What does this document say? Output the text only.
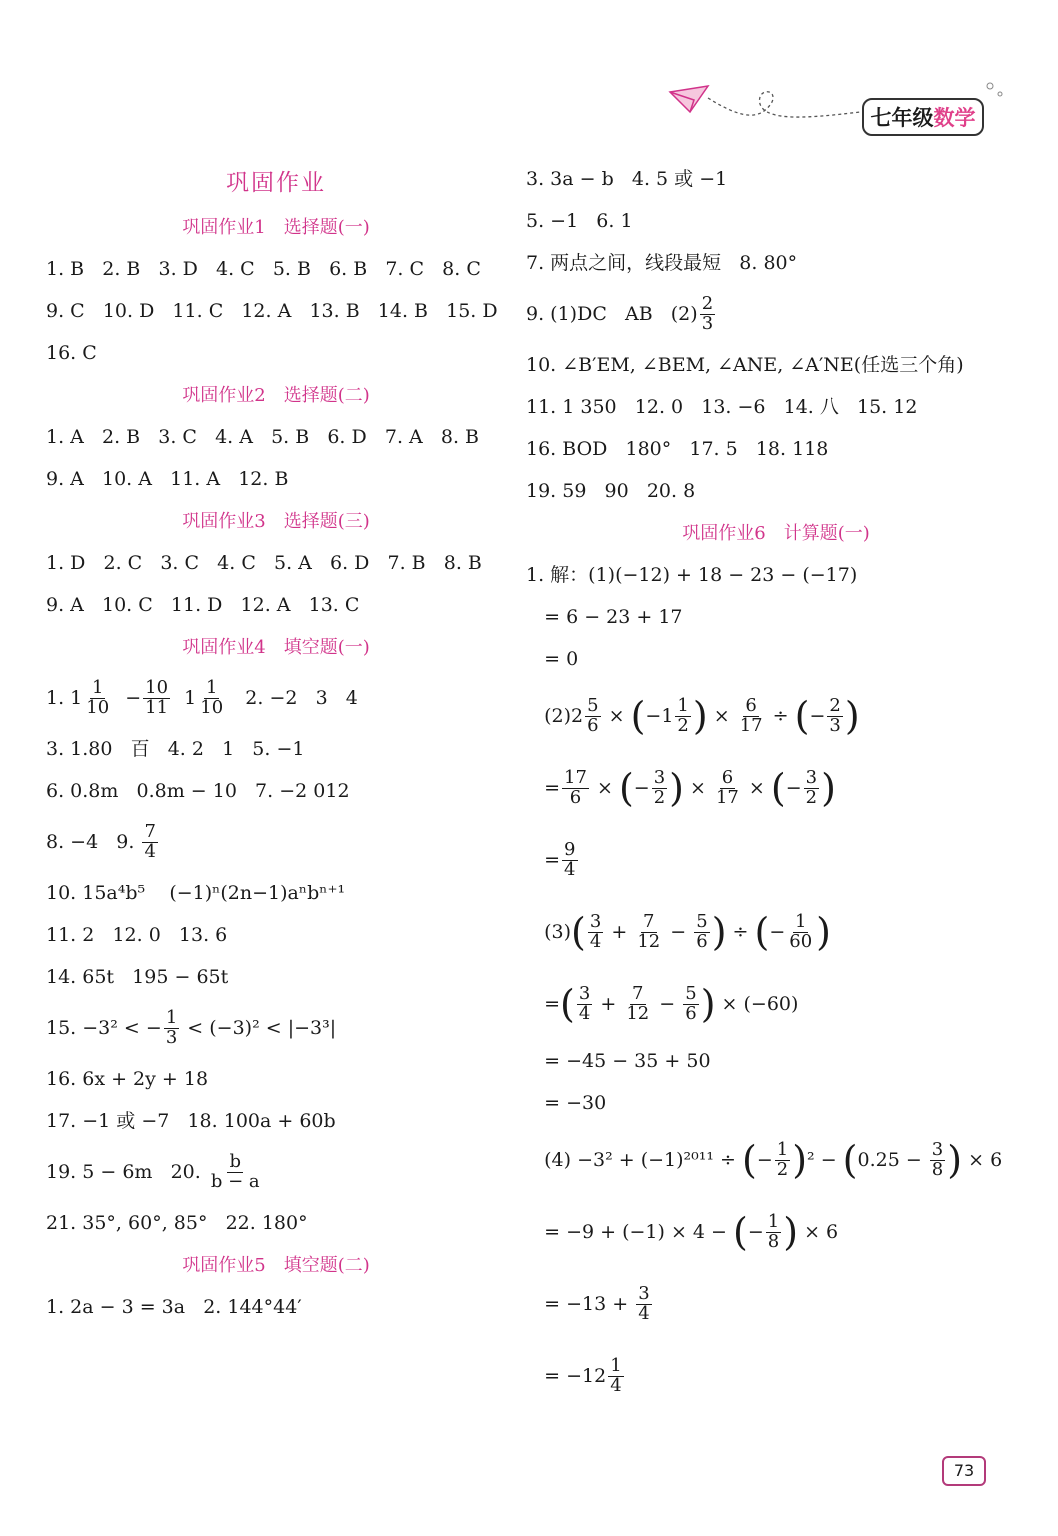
七年级 数学
巩固作业
巩固作业1　选择题(一)
1. B   2. B   3. D   4. C   5. B   6. B   7. C   8. C
9. C   10. D   11. C   12. A   13. B   14. B   15. D
16. C
巩固作业2　选择题(二)
1. A   2. B   3. C   4. A   5. B   6. D   7. A   8. B
9. A   10. A   11. A   12. B
巩固作业3　选择题(三)
1. D   2. C   3. C   4. C   5. A   6. D   7. B   8. B
9. A   10. C   11. D   12. A   13. C
巩固作业4　填空题(一)
1. $1 \frac{1}{10} - \frac{10}{11} 1 \frac{1}{10} 2$. −2   3   4
3. 1.80   百   4. 2   1   5. −1
6. 0.8m   0.8m − 10   7. −2 012
8. −4   9. $\frac{7}{4}$
10. 15a⁴b⁵    (−1)ⁿ(2n−1)aⁿbⁿ⁺¹
11. 2   12. 0   13. 6
14. 65t   195 − 65t
15. −3² < − $\frac{1}{3} < (-3)^2 < |-3^3|$
16. 6x + 2y + 18
17. −1 或 −7   18. 100a + 60b
19. 5 − 6m   20. $\frac{b}{b - a}$
21. 35°, 60°, 85°   22. 180°
巩固作业5　填空题(二)
1. 2a − 3 = 3a   2. 144°44′
3. 3a − b   4. 5 或 −1
5. −1   6. 1
7. 两点之间，线段最短   8. 80°
9. (1)DC   AB   $(2) \frac{2}{3}$
10. ∠B′EM, ∠BEM, ∠ANE, ∠A′NE(任选三个角)
11. 1 350   12. 0   13. −6   14. 八   15. 12
16. BOD   180°   17. 5   18. 118
19. 59   90   20. 8
巩固作业6　计算题(一)
1. 解：(1)(−12) + 18 − 23 − (−17)
= 6 − 23 + 17
= 0
$(2)2 \frac{5}{6}$ × ( $-1 \frac{1}{2}$ ) × $\frac{6}{17}$ ÷ ( − $\frac{2}{3}$ )
= $\frac{17}{6}$ × ( − $\frac{3}{2}$ ) × $\frac{6}{17}$ × ( − $\frac{3}{2}$ )
= $\frac{9}{4}$
(3) ( $\frac{3}{4} + \frac{7}{12} - \frac{5}{6}$ ) ÷ ( − $\frac{1}{60}$ )
= ( $\frac{3}{4} + \frac{7}{12} - \frac{5}{6}$ ) × (−60)
= −45 − 35 + 50
= −30
(4) −3² + (−1)²⁰¹¹ ÷ ( − $\frac{1}{2}$ ) ² − ( $0.25 - \frac{3}{8}$ ) × 6
= −9 + (−1) × 4 − ( − $\frac{1}{8}$ ) × 6
= $-13 + \frac{3}{4}$
= $-12 \frac{1}{4}$
73
